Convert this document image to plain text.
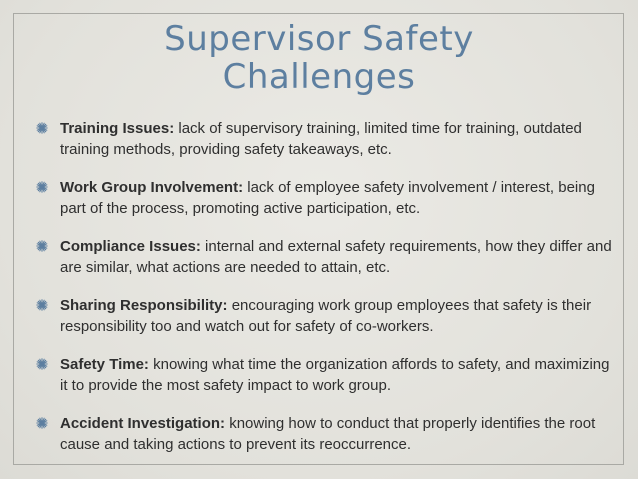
Supervisor Safety
Challenges
Training Issues: lack of supervisory training, limited time for training, outdated training methods, providing safety takeaways, etc.
Work Group Involvement: lack of employee safety involvement / interest, being part of the process, promoting active participation, etc.
Compliance Issues: internal and external safety requirements, how they differ and are similar, what actions are needed to attain, etc.
Sharing Responsibility: encouraging work group employees that safety is their responsibility too and watch out for safety of co-workers.
Safety Time: knowing what time the organization affords to safety, and maximizing it to provide the most safety impact to work group.
Accident Investigation: knowing how to conduct that properly identifies the root cause and taking actions to prevent its reoccurrence.
